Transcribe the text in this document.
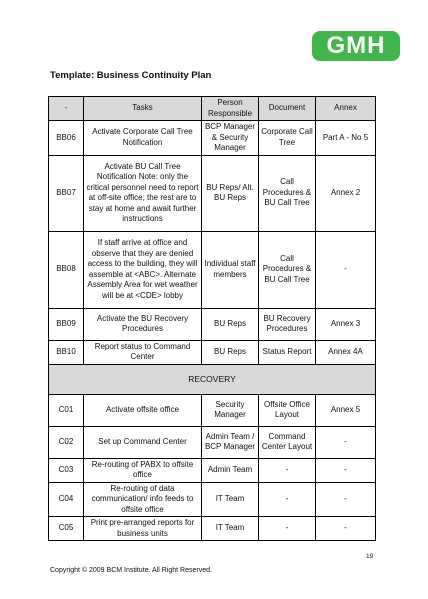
GMH
Template: Business Continuity Plan
-	Tasks	Person Responsible	Document	Annex
BB06	Activate Corporate Call Tree Notification	BCP Manager & Security Manager	Corporate Call Tree	Part A - No 5
BB07	Activate BU Call Tree Notification Note: only the critical personnel need to report at off-site office; the rest are to stay at home and await further instructions	BU Reps/ Alt. BU Reps	Call Procedures & BU Call Tree	Annex 2
BB08	If staff arrive at office and observe that they are denied access to the building, they will assemble at <ABC>. Alternate Assembly Area for wet weather will be at <CDE> lobby	Individual staff members	Call Procedures & BU Call Tree	-
BB09	Activate the BU Recovery Procedures	BU Reps	BU Recovery Procedures	Annex 3
BB10	Report status to Command Center	BU Reps	Status Report	Annex 4A
RECOVERY				
C01	Activate offsite office	Security Manager	Offsite Office Layout	Annex 5
C02	Set up Command Center	Admin Team / BCP Manager	Command Center Layout	-
C03	Re-routing of PABX to offsite office	Admin Team	-	-
C04	Re-routing of data communication/ info feeds to offsite office	IT Team	-	-
C05	Print pre-arranged reports for business units	IT Team	-	-
19
Copyright © 2009 BCM Institute. All Right Reserved.
